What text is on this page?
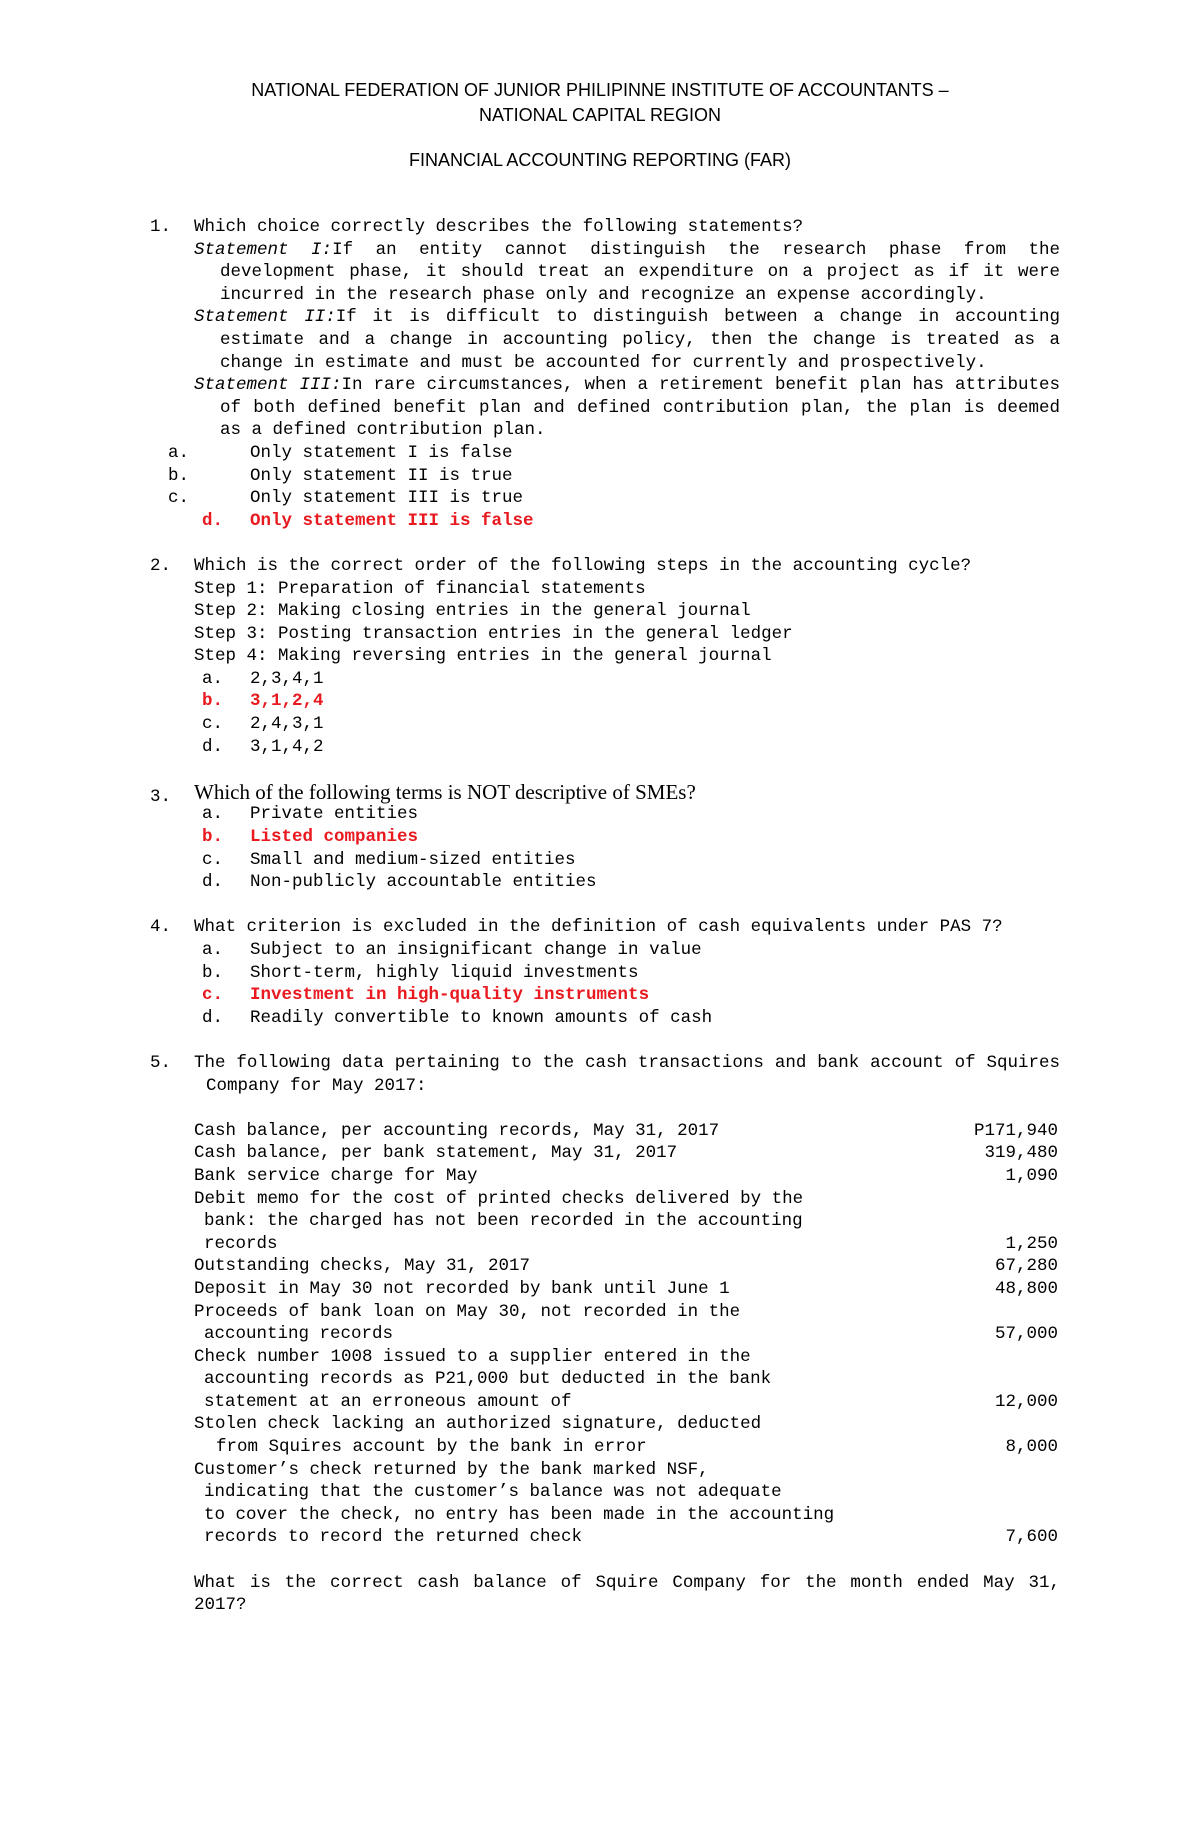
NATIONAL FEDERATION OF JUNIOR PHILIPINNE INSTITUTE OF ACCOUNTANTS –
NATIONAL CAPITAL REGION
FINANCIAL ACCOUNTING REPORTING (FAR)
1. Which choice correctly describes the following statements?
Statement I:If an entity cannot distinguish the research phase from the development phase, it should treat an expenditure on a project as if it were incurred in the research phase only and recognize an expense accordingly.
Statement II:If it is difficult to distinguish between a change in accounting estimate and a change in accounting policy, then the change is treated as a change in estimate and must be accounted for currently and prospectively.
Statement III:In rare circumstances, when a retirement benefit plan has attributes of both defined benefit plan and defined contribution plan, the plan is deemed as a defined contribution plan.
a.	Only statement I is false
b.	Only statement II is true
c.	Only statement III is true
d. Only statement III is false
2. Which is the correct order of the following steps in the accounting cycle?
Step 1: Preparation of financial statements
Step 2: Making closing entries in the general journal
Step 3: Posting transaction entries in the general ledger
Step 4: Making reversing entries in the general journal
a. 2,3,4,1
b. 3,1,2,4
c. 2,4,3,1
d. 3,1,4,2
3. Which of the following terms is NOT descriptive of SMEs?
a. Private entities
b. Listed companies
c. Small and medium-sized entities
d. Non-publicly accountable entities
4. What criterion is excluded in the definition of cash equivalents under PAS 7?
a. Subject to an insignificant change in value
b. Short-term, highly liquid investments
c. Investment in high-quality instruments
d. Readily convertible to known amounts of cash
5. The following data pertaining to the cash transactions and bank account of Squires Company for May 2017:
Cash balance, per accounting records, May 31, 2017	P171,940
Cash balance, per bank statement, May 31, 2017	319,480
Bank service charge for May	1,090
Debit memo for the cost of printed checks delivered by the
bank: the charged has not been recorded in the accounting
records	1,250
Outstanding checks, May 31, 2017	67,280
Deposit in May 30 not recorded by bank until June 1	48,800
Proceeds of bank loan on May 30, not recorded in the
accounting records	57,000
Check number 1008 issued to a supplier entered in the
accounting records as P21,000 but deducted in the bank
statement at an erroneous amount of	12,000
Stolen check lacking an authorized signature, deducted
from Squires account by the bank in error	8,000
Customer’s check returned by the bank marked NSF,
indicating that the customer’s balance was not adequate
to cover the check, no entry has been made in the accounting
records to record the returned check	7,600
What is the correct cash balance of Squire Company for the month ended May 31, 2017?
